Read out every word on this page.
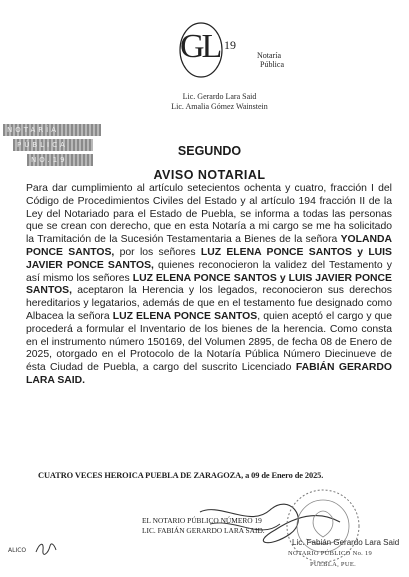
GL 19
Notaría
Pública
Lic. Gerardo Lara Said
Lic. Amalia Gómez Wainstein
NOTARÍA
PÚBLICA
NO.19
SEGUNDO
AVISO NOTARIAL
Para dar cumplimiento al artículo setecientos ochenta y cuatro, fracción I del Código de Procedimientos Civiles del Estado y al artículo 194 fracción II de la Ley del Notariado para el Estado de Puebla, se informa a todas las personas que se crean con derecho, que en esta Notaría a mi cargo se me ha solicitado la Tramitación de la Sucesión Testamentaria a Bienes de la señora YOLANDA PONCE SANTOS, por los señores LUZ ELENA PONCE SANTOS y LUIS JAVIER PONCE SANTOS, quienes reconocieron la validez del Testamento y así mismo los señores LUZ ELENA PONCE SANTOS y LUIS JAVIER PONCE SANTOS, aceptaron la Herencia y los legados, reconocieron sus derechos hereditarios y legatarios, además de que en el testamento fue designado como Albacea la señora LUZ ELENA PONCE SANTOS, quien aceptó el cargo y que procederá a formular el Inventario de los bienes de la herencia. Como consta en el instrumento número 150169, del Volumen 2895, de fecha 08 de Enero de 2025, otorgado en el Protocolo de la Notaría Pública Número Diecinueve de ésta Ciudad de Puebla, a cargo del suscrito Licenciado FABIÁN GERARDO LARA SAID.
CUATRO VECES HEROICA PUEBLA DE ZARAGOZA, a 09 de Enero de 2025.
EL NOTARIO PÚBLICO NÚMERO 19
LIC. FABIÁN GERARDO LARA SAID.
Lic. Fabián Gerardo Lara Said
NOTARIO PÚBLICO No. 19
PUEBLA, PUE.
ALICO
